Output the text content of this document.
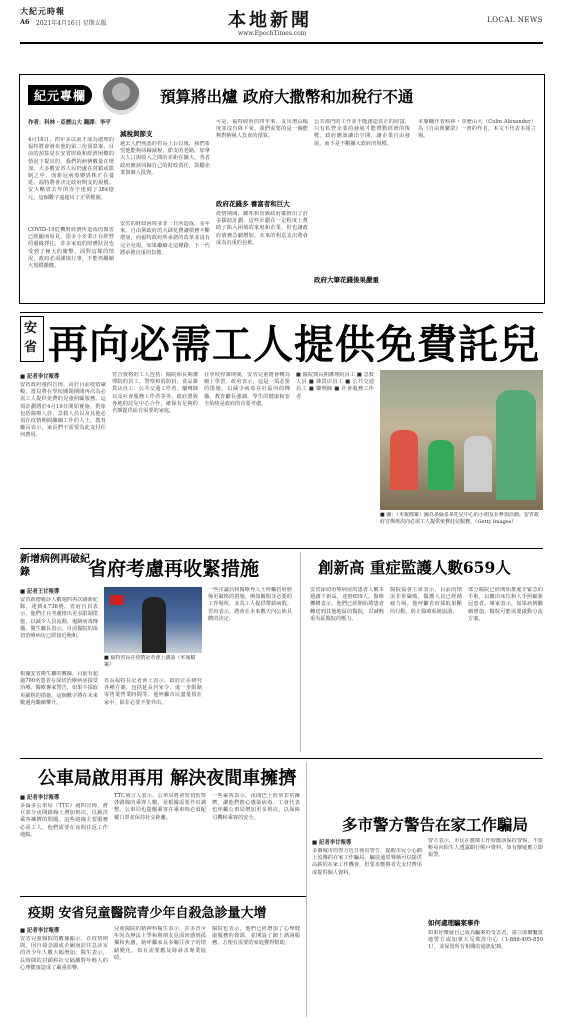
大紀元時報
A6 2021年4月16日 星期五版	本地新聞
www.EpochTimes.com
LOCAL NEWS
紀元專欄	預算將出爐 政府大撒幣和加稅行不通
作者：科林・亞歷山大 翻譯：李平
4月18日，四年多以前才成為總理的福特將會發布他的第三份預算案，目前的預算是在安省財政和經濟困難的情況下提出的。我們的病例數量在增加，大多數安省人民仍處在封鎖或限制之中，而新冠病毒變異株正在蔓延。福特將會決定政府開支的規模。安大略省去年的赤字達到了384億元，這個數字遠超出了正常範圍。
COVID-19危機對經濟所造成的傷害已經顯而易見，很多小企業正在經營的邊緣掙扎，許多家庭的財務狀況也受到了極大的衝擊。面對這樣的情況，政府必須謹慎行事，不能再繼續大規模撒錢。
減稅與節支
過去人們熟悉的省長上台以後，我們希望他能夠回歸減稅、節支的老路。加拿大人口與收入之間的差距在擴大，各省政府應該回歸自己的財政責任，鼓勵企業與個人投資。
安省的財政困境並非一日所造成。多年來，自由黨政府的大肆花費讓債務不斷增加，而福特政府所承諾的改革並沒有完全兌現。如果繼續走這條路，下一代將承擔沉重的負擔。
可是，福特政府的四年來，支出增長幅度並沒有降下來。我們需要的是一個能夠對納稅人負責的預算。
政府花錢多 養富者和巨大
疫情期間，聯邦和省級政府都推出了許多援助計劃，這些計劃在一定程度上幫助了陷入困境的家庭和企業，但也讓政府債務急劇增加。未來的利息支出將會成為沉重的包袱。
公共部門的工作並不能創造真正的財富，只有私營企業的發展才能帶動經濟的復甦。政府應該讓出空間，讓企業自由發展，而不是不斷擴大政府的規模。
政府大筆花錢後果嚴重
本專欄作者科林・亞歷山大（Colin Alexander）為《自由與繁榮》一書的作者。本文不代表本報立場。
安省 再向必需工人提供免費託兒
■ 記者李甘報導
安省政府週四宣佈，由於目前疫情嚴峻，當局將在學校關閉期間再次為必需工人提供免費的兒童照顧服務。這項計劃將於4月19日開始實施，對象包括醫療人員、急救人員以及其他必須在疫情期間繼續工作的人士。教育廳長表示，家長們不需要為此支付任何費用。
符合資格的工人包括：醫院和長期護理院的員工、警察和消防員、食品雜貨店員工、公共交通工作者、藥劑師以及社會服務工作者等等。政府將與各地的託兒中心合作，確保有足夠的名額提供給有需要的家庭。
在學校停課期間，安省兒童將會轉為網上學習。政府表示，這是一項必要的措施，以減少病毒在社區內的傳播。教育廳長強調，學生的健康和安全始終是政府的首要考慮。
■ 醫院與長期護理院員工 ■ 急救人員 ■ 雜貨店員工 ■ 公共交通員工 ■ 藥劑師 ■ 社會服務工作者
■ 圖：（本報檔案）圖為多倫多某托兒中心的小朋友在參加活動。安省政府宣佈再次向必需工人提供免費託兒服務。（Getty Images）
新增病例再破紀錄	省府考慮再收緊措施
■ 記者王甘報導
安省新增確診人數週四再次刷新紀錄，達到4,736例。省府官員表示，他們正在考慮推出更多限制措施，以減少人員流動，遏制病毒傳播。衛生廳長表示，目前醫院的深切治療病房已經接近飽和。
根據安省衛生廳的數據，目前有超過700名患者在深切治療病房接受治療。醫療專家警告，如果不採取更嚴格的措施，這個數字將在未來數週內繼續攀升。
■ 福特省長在疫情記者會上講話（本報檔案）
省長福特在記者會上表示，政府正在研究各種方案，包括延長居家令、進一步限制零售業營業時間等。他呼籲市民盡量留在家中，除非必要不要外出。
一些市議員和醫療界人士呼籲省府頒佈更嚴格的措施，例如關閉非必要的工作場所，並為工人提供帶薪病假。省府表示，將會在未來數天內公佈具體的決定。
創新高 重症監護人數659人
安省深切治療病房的患者人數本週創下新高，達到659人。醫療機構表示，他們已經開始將患者轉送到其他地區的醫院，以減輕重災區醫院的壓力。
醫院協會主席表示，目前的情況非常嚴峻，醫護人員已經精疲力竭。他呼籲省府採取果斷的行動，防止醫療系統崩潰。
部分醫院已經開始推遲非緊急的手術，以騰出床位和人手照顧新冠患者。專家表示，如果病例繼續增加，醫院可能需要啟動分流方案。
公車局啟用再用 解決夜間車擁擠
■ 記者李甘報導
多倫多公車局（TTC）週四宣佈，將在部分夜間路線上增加班次，以解決乘客擁擠的問題。這些路線主要服務必需工人，他們需要在夜間往返工作地點。
TTC發言人表示，公車局將會密切監察各路線的乘客人數，並根據需要作出調整。公車局也提醒乘客在乘車時必須配戴口罩並保持社交距離。
一些乘客表示，夜間巴士經常非常擁擠，讓他們擔心感染病毒。工會代表也呼籲公車局增加更多班次，以保障司機和乘客的安全。	多市警方警告在家工作騙局
■ 記者李甘報導
多個城市的警方近日發出警告，提醒市民小心網上流傳的在家工作騙局。騙徒通常聲稱可以提供高薪的在家工作機會，但要求應徵者先支付費用或提供個人資料。
警方表示，市民在應徵工作時應該保持警惕，不要輕易向陌生人透露銀行帳戶資料，如有懷疑應立即報警。
如何處理騙案事件
如果你懷疑自己成為騙案的受害者，請立即聯繫當地警方或加拿大反欺詐中心（1-888-495-8501），並保留所有相關的通訊紀錄。
疫期 安省兒童醫院青少年自殺急診量大增
■ 記者李甘報導
安省兒童醫院的數據顯示，在疫情期間，因自殺念頭或企圖而前往急診室的青少年人數大幅增加。醫生表示，長時間的封鎖和社交隔離對年輕人的心理健康造成了嚴重影響。
兒童醫院的精神科醫生表示，許多青少年因為無法上學和與朋友見面而感到孤獨和焦慮。她呼籲家長多關注孩子的情緒變化，如有需要應及時尋求專業協助。
醫院也表示，他們已經增加了心理健康服務的資源，並開設了網上諮詢服務，方便有需要的家庭獲得幫助。
